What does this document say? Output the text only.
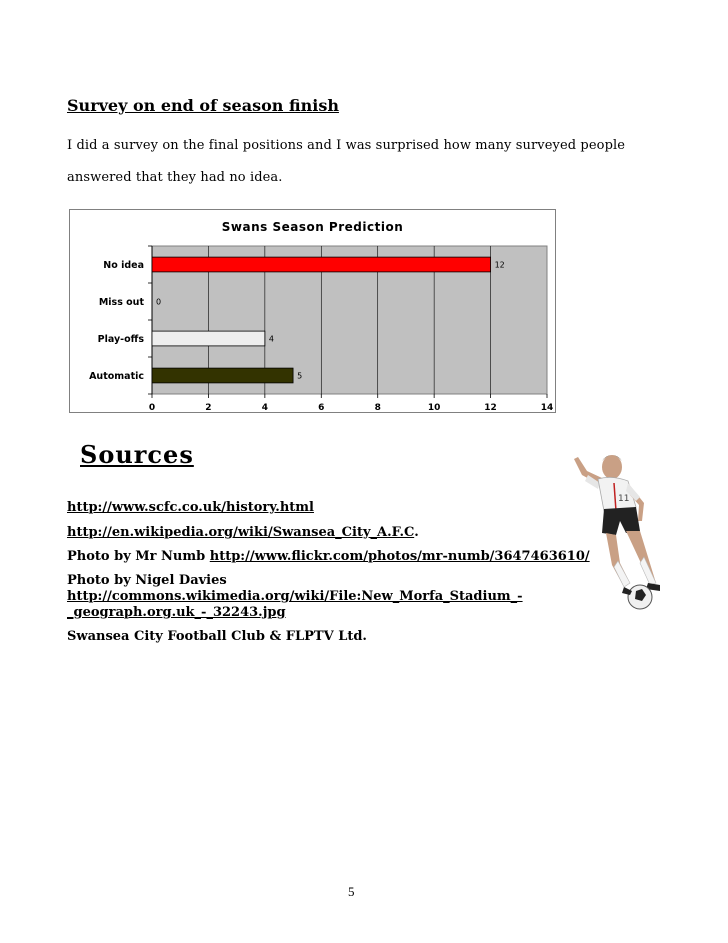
Survey on end of season finish
I did a survey on the final positions and I was surprised how many surveyed people
answered that they had no idea.
Swans Season Prediction
0	2	4	6	8	10	12	14
No idea	12
Miss out 0
Play-offs	4
Automatic	5
Sources

http://www.scfc.co.uk/history.html

http://en.wikipedia.org/wiki/Swansea_City_A.F.C.

Photo by Mr Numb http://www.flickr.com/photos/mr-numb/3647463610/

Photo by Nigel Davies

http://commons.wikimedia.org/wiki/File:New_Morfa_Stadium_-

_geograph.org.uk_-_32243.jpg

Swansea City Football Club & FLPTV Ltd.

11
5
